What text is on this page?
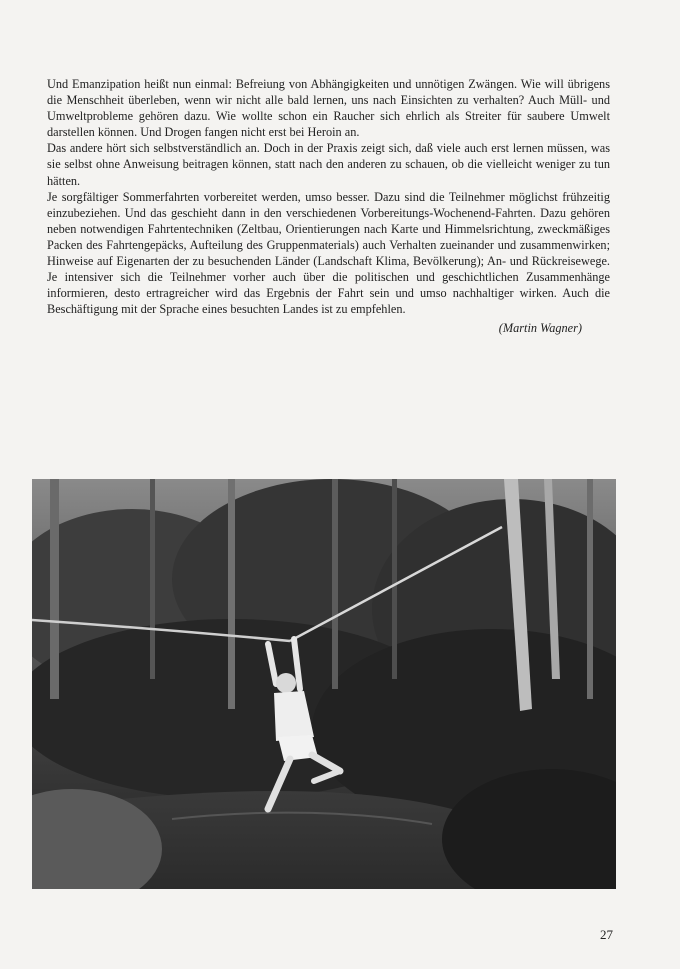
Und Emanzipation heißt nun einmal: Befreiung von Abhängigkeiten und unnötigen Zwängen. Wie will übrigens die Menschheit überleben, wenn wir nicht alle bald lernen, uns nach Einsichten zu verhalten? Auch Müll- und Umweltprobleme gehören dazu. Wie wollte schon ein Raucher sich ehrlich als Streiter für saubere Umwelt darstellen können. Und Drogen fangen nicht erst bei Heroin an.

Das andere hört sich selbstverständlich an. Doch in der Praxis zeigt sich, daß viele auch erst lernen müssen, was sie selbst ohne Anweisung beitragen können, statt nach den anderen zu schauen, ob die vielleicht weniger zu tun hätten.

Je sorgfältiger Sommerfahrten vorbereitet werden, umso besser. Dazu sind die Teilnehmer möglichst frühzeitig einzubeziehen. Und das geschieht dann in den verschiedenen Vorbereitungs-Wochenend-Fahrten. Dazu gehören neben notwendigen Fahrtentechniken (Zeltbau, Orientierungen nach Karte und Himmelsrichtung, zweckmäßiges Packen des Fahrtengepäcks, Aufteilung des Gruppenmaterials) auch Verhalten zueinander und zusammenwirken; Hinweise auf Eigenarten der zu besuchenden Länder (Landschaft Klima, Bevölkerung); An- und Rückreisewege. Je intensiver sich die Teilnehmer vorher auch über die politischen und geschichtlichen Zusammenhänge informieren, desto ertragreicher wird das Ergebnis der Fahrt sein und umso nachhaltiger wirken. Auch die Beschäftigung mit der Sprache eines besuchten Landes ist zu empfehlen.

(Martin Wagner)
27
